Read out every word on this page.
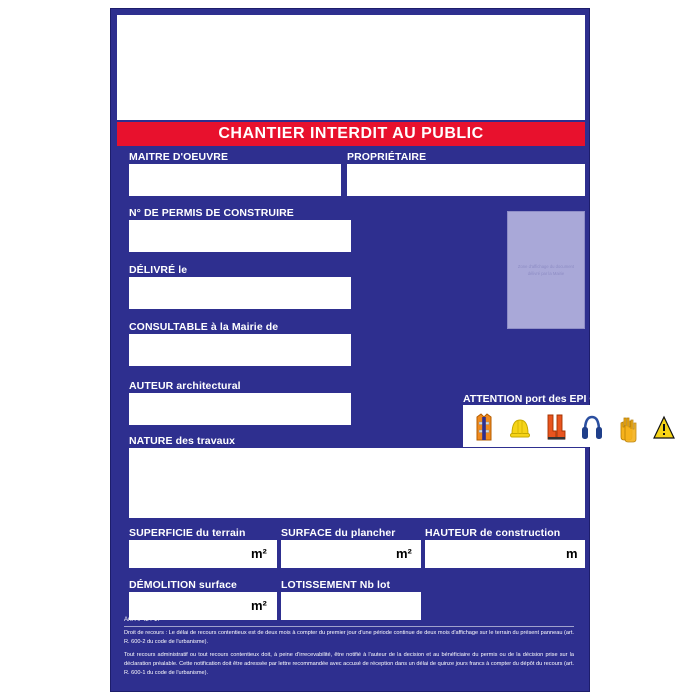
CHANTIER INTERDIT AU PUBLIC
MAITRE D'OEUVRE	PROPRIÉTAIRE
N° DE PERMIS DE CONSTRUIRE
DÉLIVRÉ le
CONSULTABLE à la Mairie de
AUTEUR architectural
NATURE des travaux
Zone d'affichage du document délivré par la Mairie
ATTENTION port des EPI OBLIGATOIRE
SUPERFICIE du terrain
m²
SURFACE du plancher
m²
HAUTEUR de construction
m
DÉMOLITION surface
m²
LOTISSEMENT Nb lot
Art. A. 424-17

Droit de recours : Le délai de recours contentieux est de deux mois à compter du premier jour d'une période continue de deux mois d'affichage sur le terrain du présent panneau (art. R. 600-2 du code de l'urbanisme).

Tout recours administratif ou tout recours contentieux doit, à peine d'irrecevabilité, être notifié à l'auteur de la decision et au bénéficiaire du permis ou de la décision prise sur la déclaration préalable. Cette notification doit être adressée par lettre recommandée avec accusé de réception dans un délai de quinze jours francs à compter du dépôt du recours (art. R. 600-1 du code de l'urbanisme).
